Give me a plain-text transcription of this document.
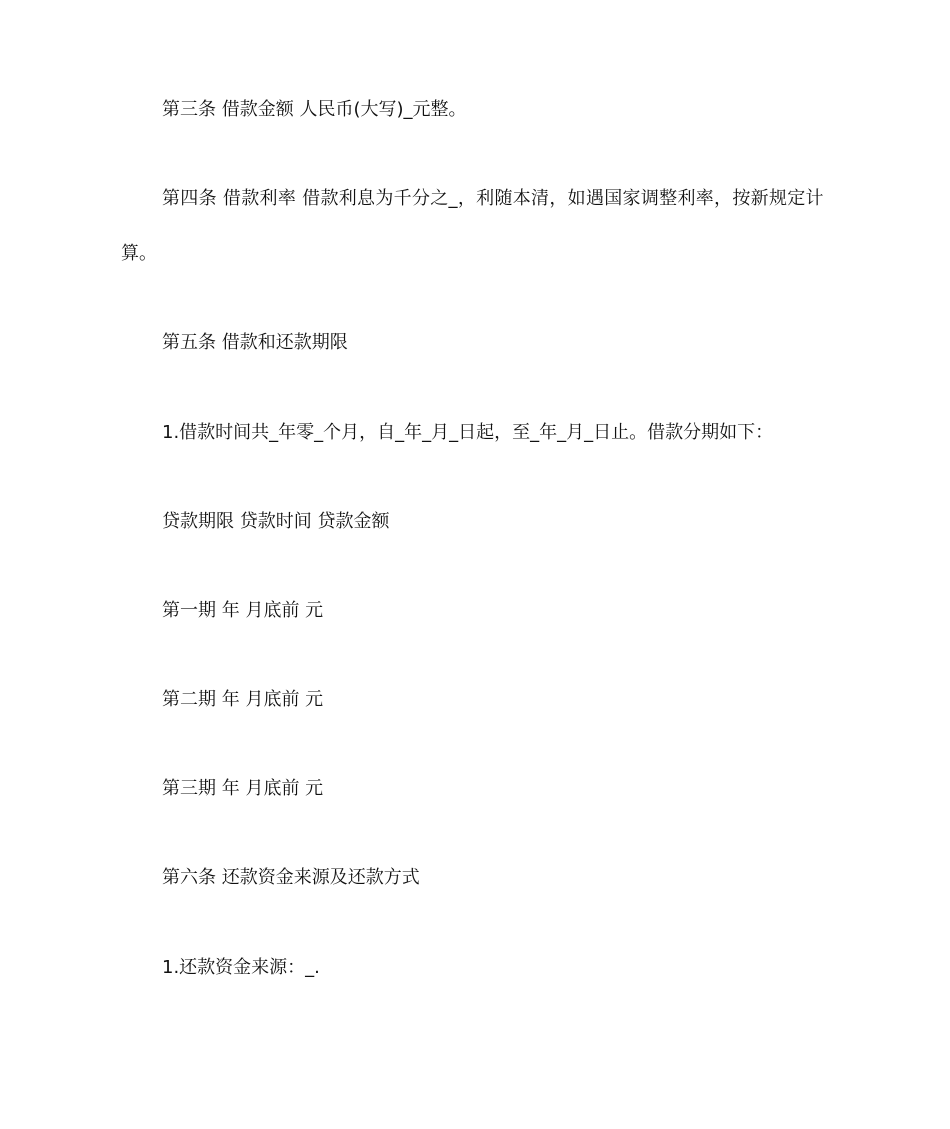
第三条 借款金额 人民币(大写)_元整。
第四条 借款利率 借款利息为千分之_，利随本清，如遇国家调整利率，按新规定计
算。
第五条 借款和还款期限
1.借款时间共_年零_个月，自_年_月_日起，至_年_月_日止。借款分期如下：
贷款期限 贷款时间 贷款金额
第一期 年 月底前 元
第二期 年 月底前 元
第三期 年 月底前 元
第六条 还款资金来源及还款方式
1.还款资金来源：_.
